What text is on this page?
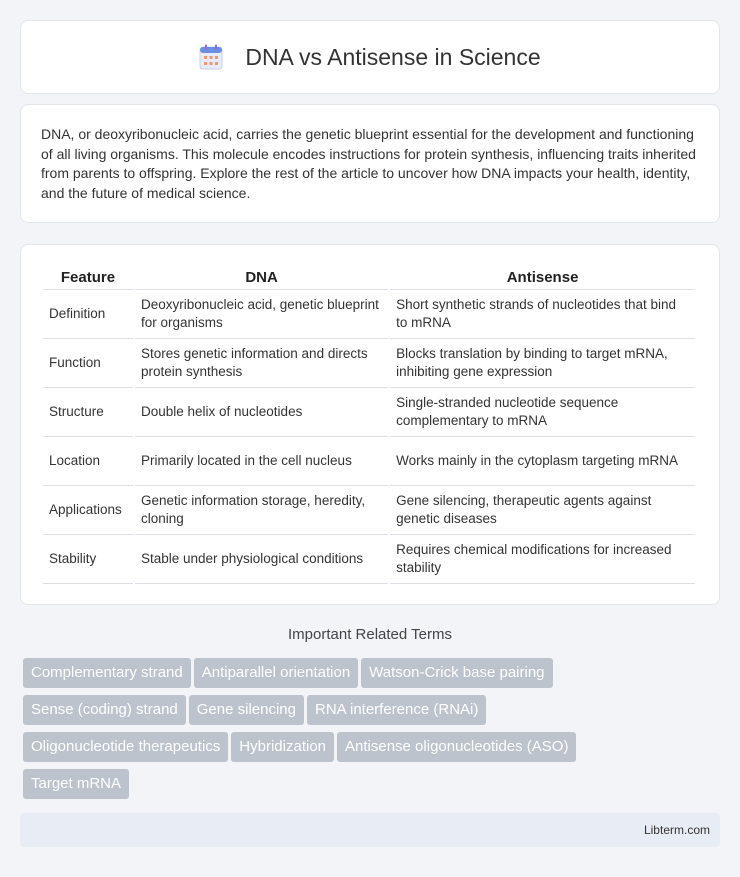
DNA vs Antisense in Science

DNA, or deoxyribonucleic acid, carries the genetic blueprint essential for the development and functioning of all living organisms. This molecule encodes instructions for protein synthesis, influencing traits inherited from parents to offspring. Explore the rest of the article to uncover how DNA impacts your health, identity, and the future of medical science.

Feature	DNA	Antisense
Definition	Deoxyribonucleic acid, genetic blueprint for organisms	Short synthetic strands of nucleotides that bind to mRNA
Function	Stores genetic information and directs protein synthesis	Blocks translation by binding to target mRNA, inhibiting gene expression
Structure	Double helix of nucleotides	Single-stranded nucleotide sequence complementary to mRNA
Location	Primarily located in the cell nucleus	Works mainly in the cytoplasm targeting mRNA
Applications	Genetic information storage, heredity, cloning	Gene silencing, therapeutic agents against genetic diseases
Stability	Stable under physiological conditions	Requires chemical modifications for increased stability
Important Related Terms
Complementary strand Antiparallel orientation Watson-Crick base pairing
Sense (coding) strand Gene silencing RNA interference (RNAi)
Oligonucleotide therapeutics Hybridization Antisense oligonucleotides (ASO)
Target mRNA
Libterm.com
